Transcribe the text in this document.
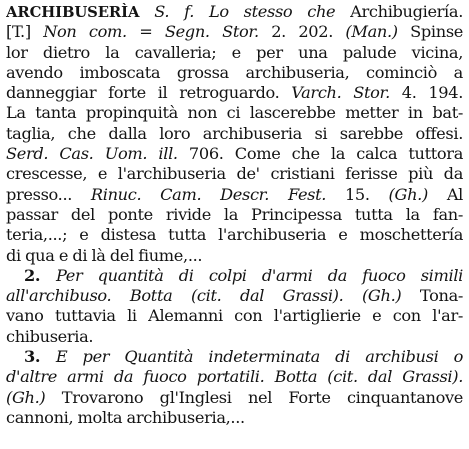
ARCHIBUSERÌA S. f. Lo stesso che Archibugiería.
[T.] Non com. = Segn. Stor. 2. 202. (Man.) Spinse
lor dietro la cavalleria; e per una palude vicina,
avendo imboscata grossa archibuseria, cominciò a
danneggiar forte il retroguardo. Varch. Stor. 4. 194.
La tanta propinquità non ci lascerebbe metter in bat-
taglia, che dalla loro archibuseria si sarebbe offesi.
Serd. Cas. Uom. ill. 706. Come che la calca tuttora
crescesse, e l'archibuseria de' cristiani ferisse più da
presso... Rinuc. Cam. Descr. Fest. 15. (Gh.) Al
passar del ponte rivide la Principessa tutta la fan-
teria,...; e distesa tutta l'archibuseria e moschettería
di qua e di là del fiume,...
2. Per quantità di colpi d'armi da fuoco simili
all'archibuso. Botta (cit. dal Grassi). (Gh.) Tona-
vano tuttavia li Alemanni con l'artiglierie e con l'ar-
chibuseria.
3. E per Quantità indeterminata di archibusi o
d'altre armi da fuoco portatili. Botta (cit. dal Grassi).
(Gh.) Trovarono gl'Inglesi nel Forte cinquantanove
cannoni, molta archibuseria,...
